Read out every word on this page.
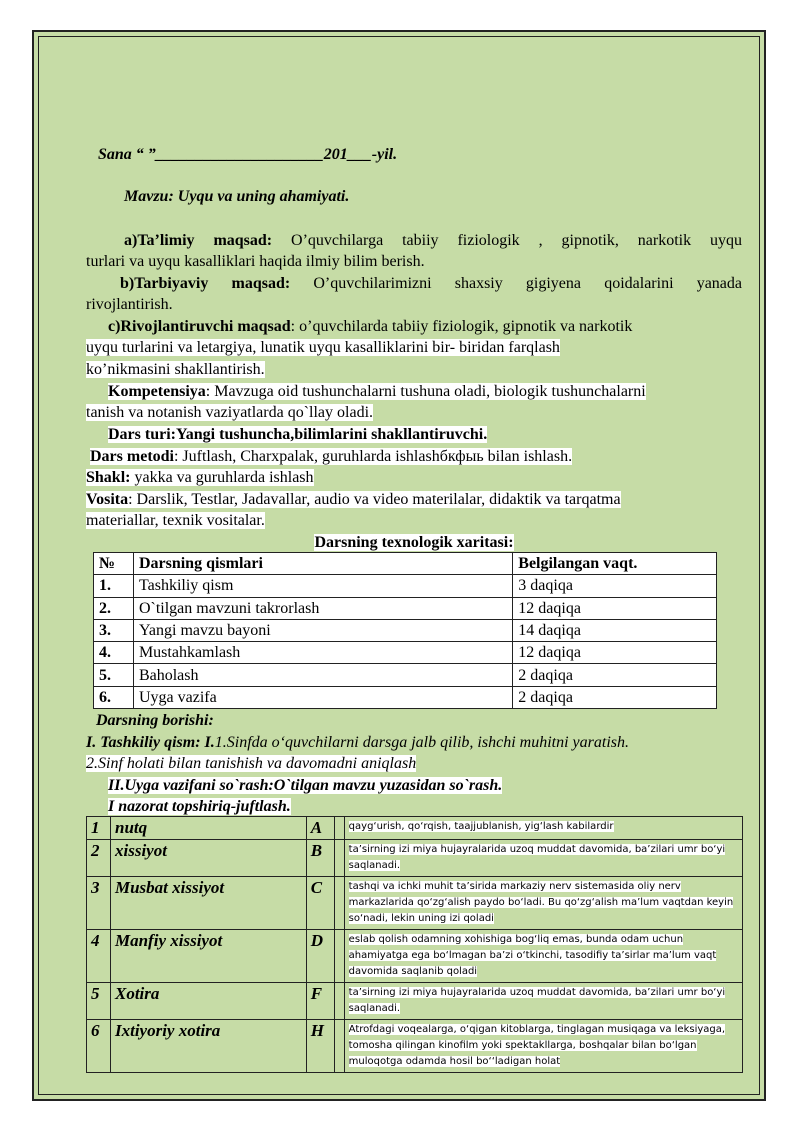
Sana “ ”_____________________201___-yil.
Mavzu: Uyqu va uning ahamiyati.
a)Ta’limiy maqsad: O’quvchilarga tabiiy fiziologik , gipnotik, narkotik uyqu
turlari va uyqu kasalliklari haqida ilmiy bilim berish.
b)Tarbiyaviy maqsad: O’quvchilarimizni shaxsiy gigiyena qoidalarini yanada
rivojlantirish.
c)Rivojlantiruvchi maqsad: o’quvchilarda tabiiy fiziologik, gipnotik va narkotik
uyqu turlarini va letargiya, lunatik uyqu kasalliklarini bir- biridan farqlash
ko’nikmasini shakllantirish.
Kompetensiya: Mavzuga oid tushunchalarni tushuna oladi, biologik tushunchalarni
tanish va notanish vaziyatlarda qo`llay oladi.
Dars turi:Yangi tushuncha,bilimlarini shakllantiruvchi.
Dars metodi: Juftlash, Charxpalak, guruhlarda ishlashбкфыь bilan ishlash.
Shakl: yakka va guruhlarda ishlash
Vosita: Darslik, Testlar, Jadavallar, audio va video materilalar, didaktik va tarqatma
materiallar, texnik vositalar.
Darsning texnologik xaritasi:
№	Darsning qismlari	Belgilangan vaqt.
1.	Tashkiliy qism	3 daqiqa
2.	O`tilgan mavzuni takrorlash	12 daqiqa
3.	Yangi mavzu bayoni	14 daqiqa
4.	Mustahkamlash	12 daqiqa
5.	Baholash	2 daqiqa
6.	Uyga vazifa	2 daqiqa
Darsning borishi:
I. Tashkiliy qism: I.1.Sinfda o‘quvchilarni darsga jalb qilib, ishchi muhitni yaratish.
2.Sinf holati bilan tanishish va davomadni aniqlash
II.Uyga vazifani so`rash:O`tilgan mavzu yuzasidan so`rash.
I nazorat topshiriq-juftlash.
1	nutq	A		qayg‘urish, qo‘rqish, taajjublanish, yig‘lash kabilardir
2	xissiyot	B		ta’sirning izi miya hujayralarida uzoq muddat davomida, ba’zilari umr bo‘yi saqlanadi.
3	Musbat xissiyot	C		tashqi va ichki muhit ta’sirida markaziy nerv sistemasida oliy nerv markazlarida qo‘zg‘alish paydo bo‘ladi. Bu qo‘zg‘alish ma’lum vaqtdan keyin so‘nadi, lekin uning izi qoladi
4	Manfiy xissiyot	D		eslab qolish odamning xohishiga bog‘liq emas, bunda odam uchun ahamiyatga ega bo‘lmagan ba’zi o‘tkinchi, tasodifiy ta’sirlar ma’lum vaqt davomida saqlanib qoladi
5	Xotira	F		ta’sirning izi miya hujayralarida uzoq muddat davomida, ba’zilari umr bo‘yi saqlanadi.
6	Ixtiyoriy xotira	H		Atrofdagi voqealarga, o‘qigan kitoblarga, tinglagan musiqaga va leksiyaga, tomosha qilingan kinofilm yoki spektakllarga, boshqalar bilan bo‘lgan muloqotga odamda hosil bo‘‘ladigan holat
